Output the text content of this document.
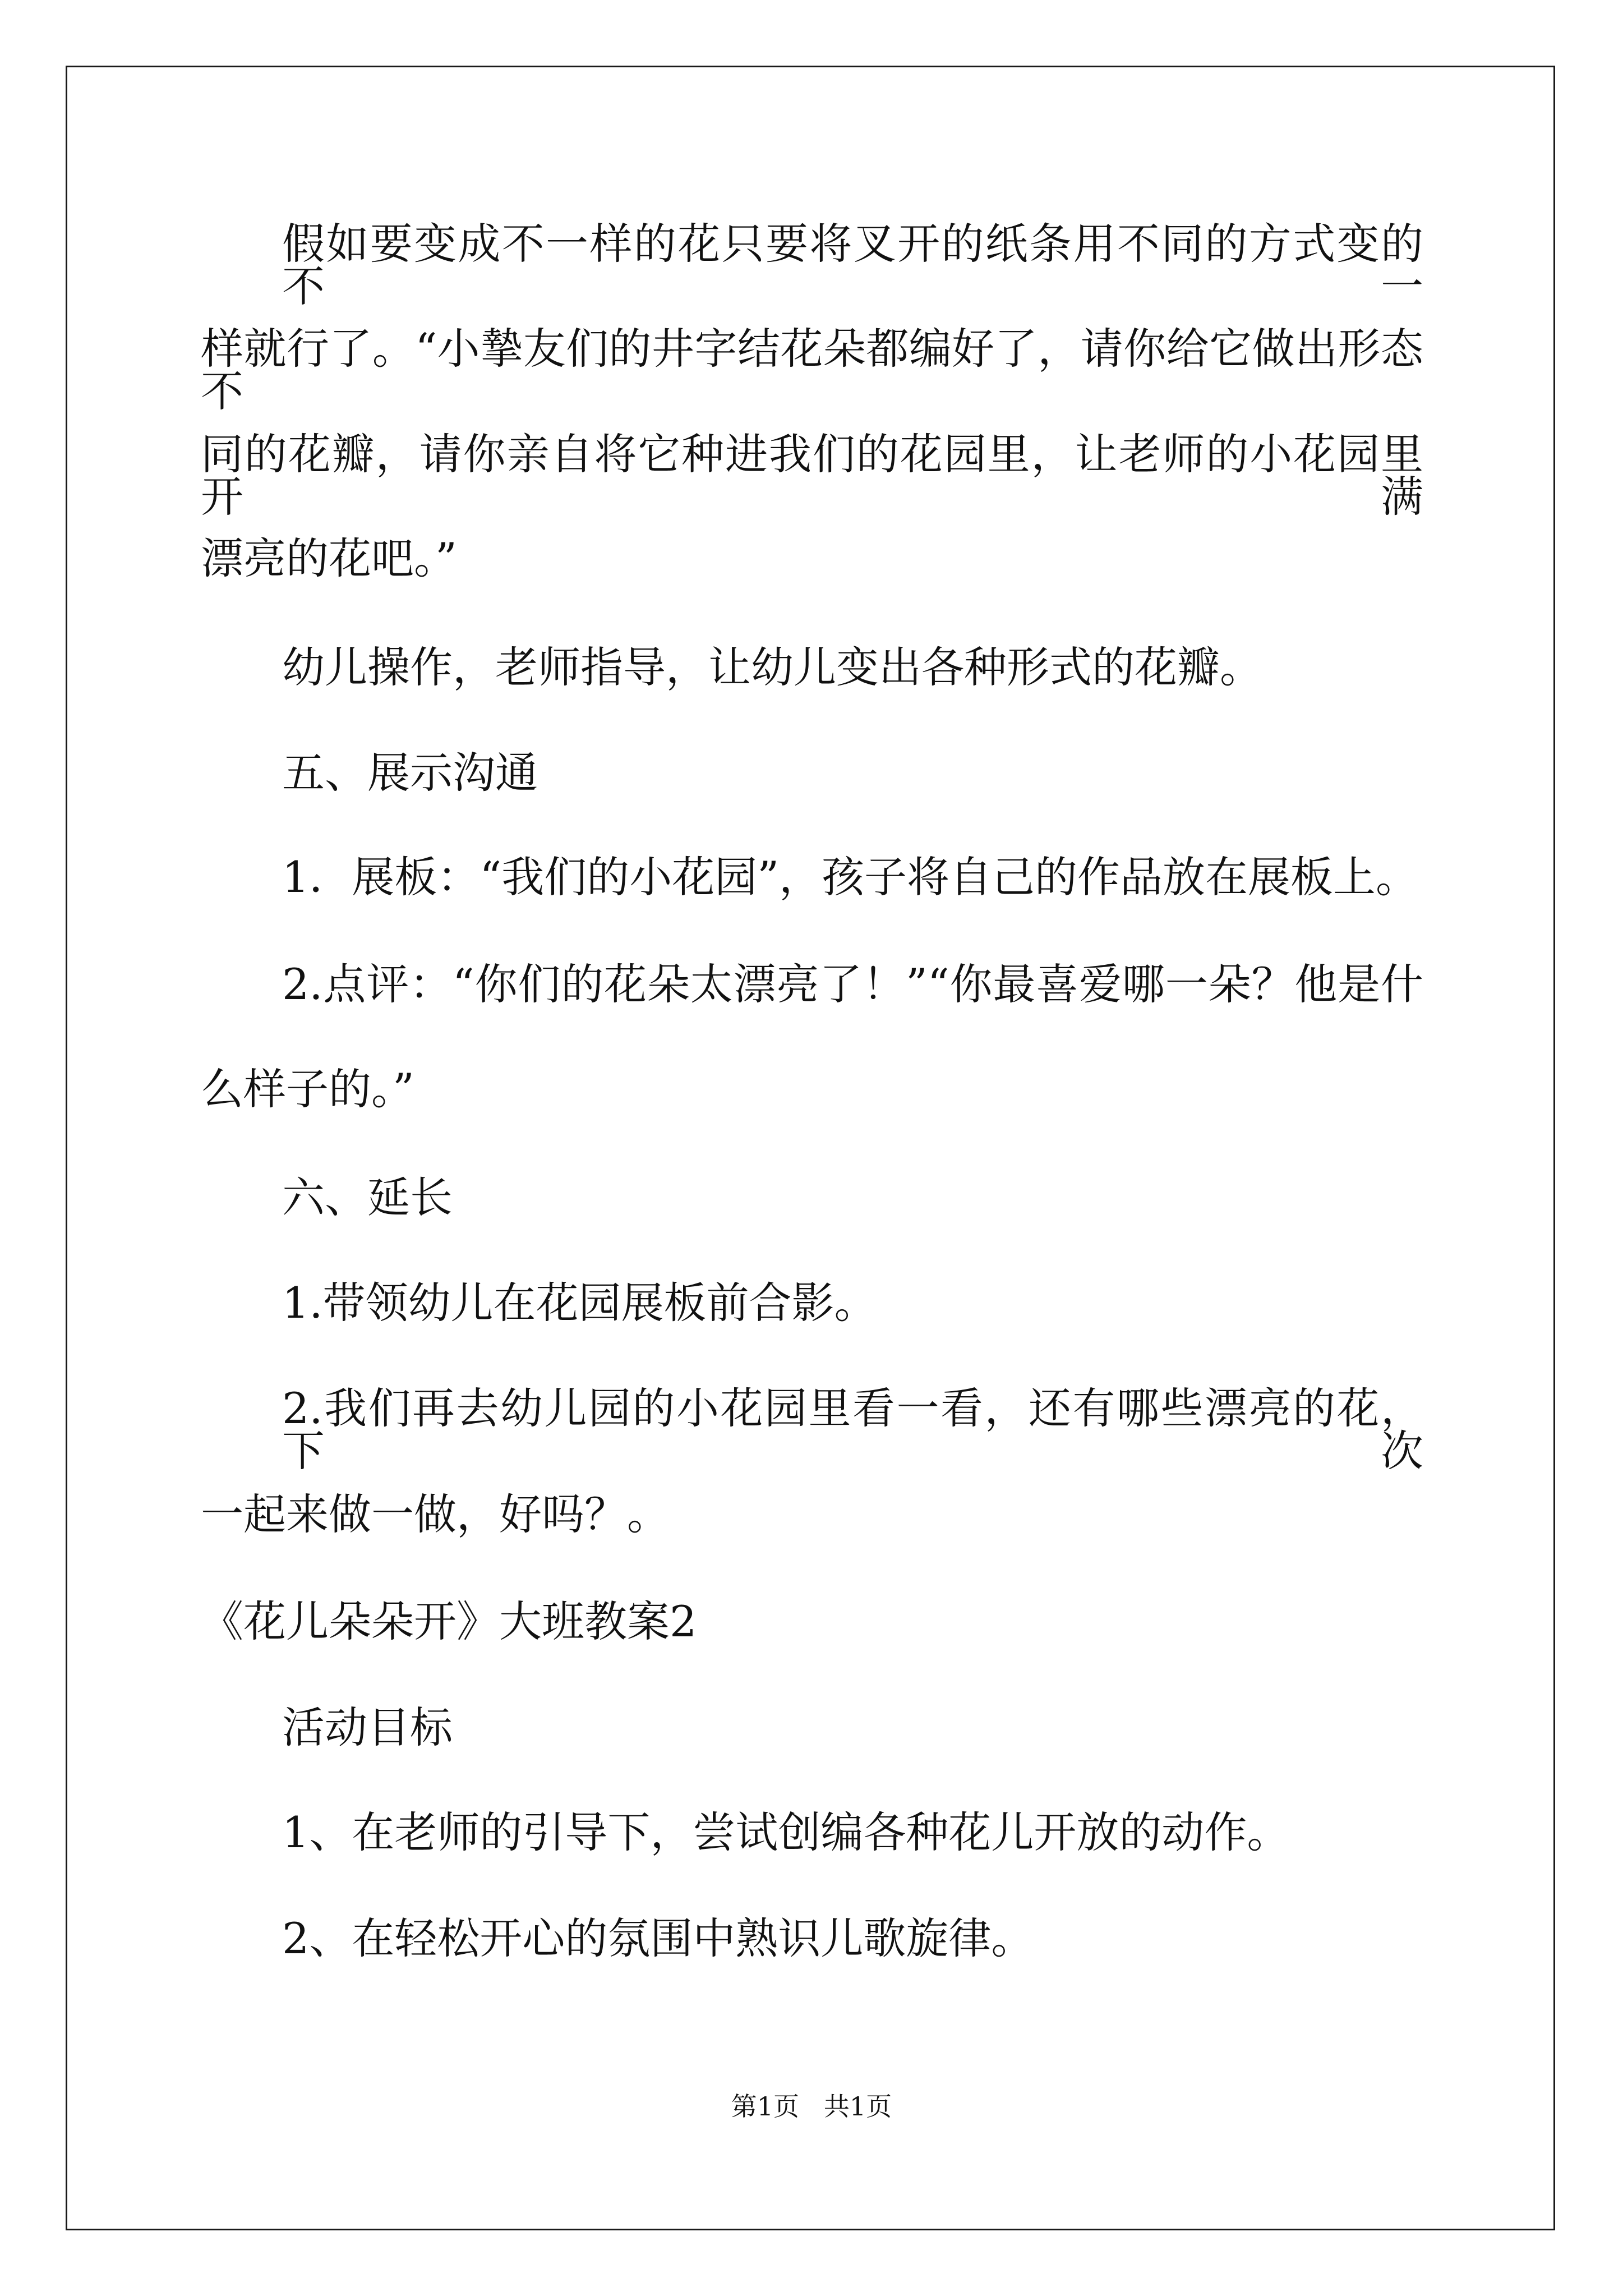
假如要变成不一样的花只要将叉开的纸条用不同的方式变的不一
样就行了。“小摯友们的井字结花朵都编好了，请你给它做出形态不
同的花瓣，请你亲自将它种进我们的花园里，让老师的小花园里开满
漂亮的花吧。”
幼儿操作，老师指导，让幼儿变出各种形式的花瓣。
五、展示沟通
1．展板：“我们的小花园”，孩子将自己的作品放在展板上。
2.点评：“你们的花朵太漂亮了！”“你最喜爱哪一朵？他是什
么样子的。”
六、延长
1.带领幼儿在花园展板前合影。
2.我们再去幼儿园的小花园里看一看，还有哪些漂亮的花，下次
一起来做一做，好吗？。
《花儿朵朵开》大班教案2
活动目标
1、在老师的引导下，尝试创编各种花儿开放的动作。
2、在轻松开心的氛围中熟识儿歌旋律。
第1页   共1页
